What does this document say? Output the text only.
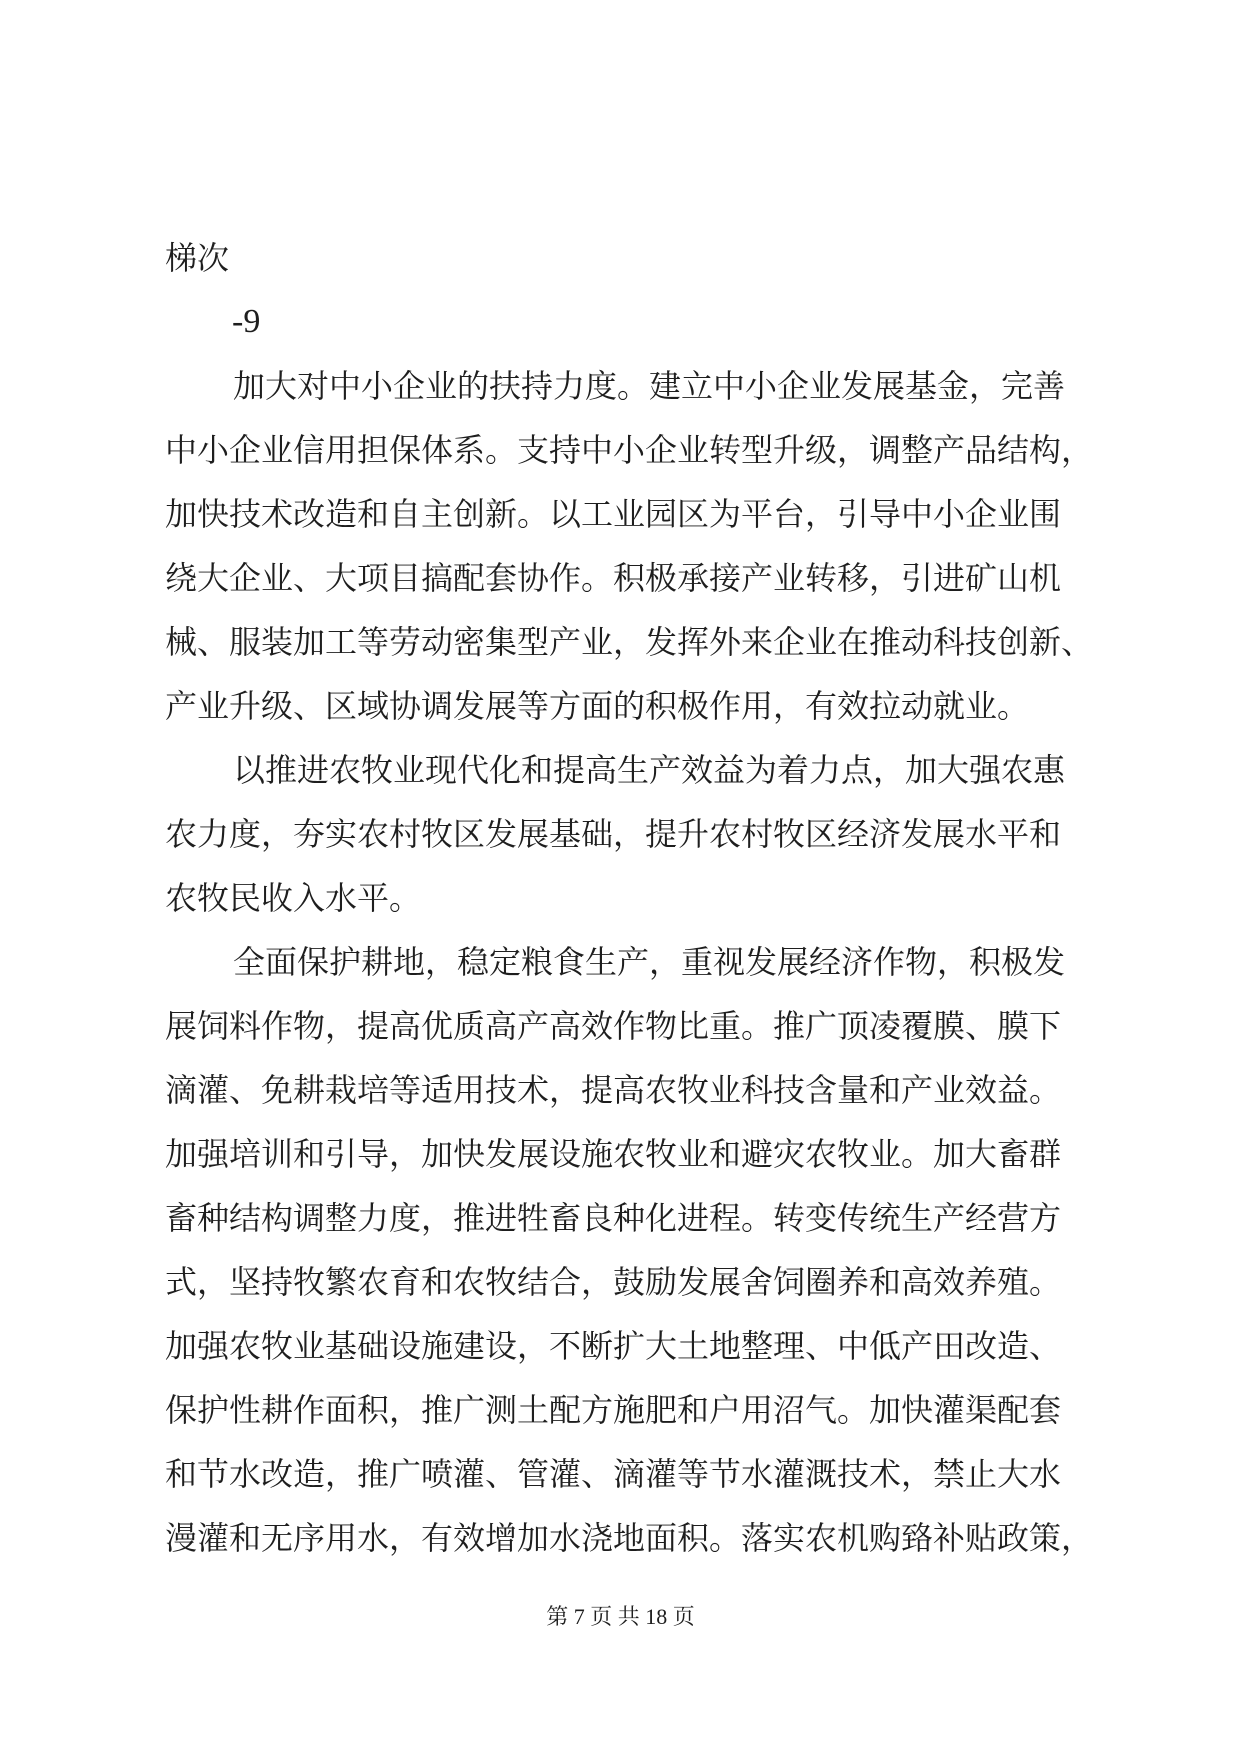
梯次
-9
加大对中小企业的扶持力度。建立中小企业发展基金，完善
中小企业信用担保体系。支持中小企业转型升级，调整产品结构，
加快技术改造和自主创新。以工业园区为平台，引导中小企业围
绕大企业、大项目搞配套协作。积极承接产业转移，引进矿山机
械、服装加工等劳动密集型产业，发挥外来企业在推动科技创新、
产业升级、区域协调发展等方面的积极作用，有效拉动就业。
以推进农牧业现代化和提高生产效益为着力点，加大强农惠
农力度，夯实农村牧区发展基础，提升农村牧区经济发展水平和
农牧民收入水平。
全面保护耕地，稳定粮食生产，重视发展经济作物，积极发
展饲料作物，提高优质高产高效作物比重。推广顶凌覆膜、膜下
滴灌、免耕栽培等适用技术，提高农牧业科技含量和产业效益。
加强培训和引导，加快发展设施农牧业和避灾农牧业。加大畜群
畜种结构调整力度，推进牲畜良种化进程。转变传统生产经营方
式，坚持牧繁农育和农牧结合，鼓励发展舍饲圈养和高效养殖。
加强农牧业基础设施建设，不断扩大土地整理、中低产田改造、
保护性耕作面积，推广测土配方施肥和户用沼气。加快灌渠配套
和节水改造，推广喷灌、管灌、滴灌等节水灌溉技术，禁止大水
漫灌和无序用水，有效增加水浇地面积。落实农机购臵补贴政策，
第 7 页 共 18 页
